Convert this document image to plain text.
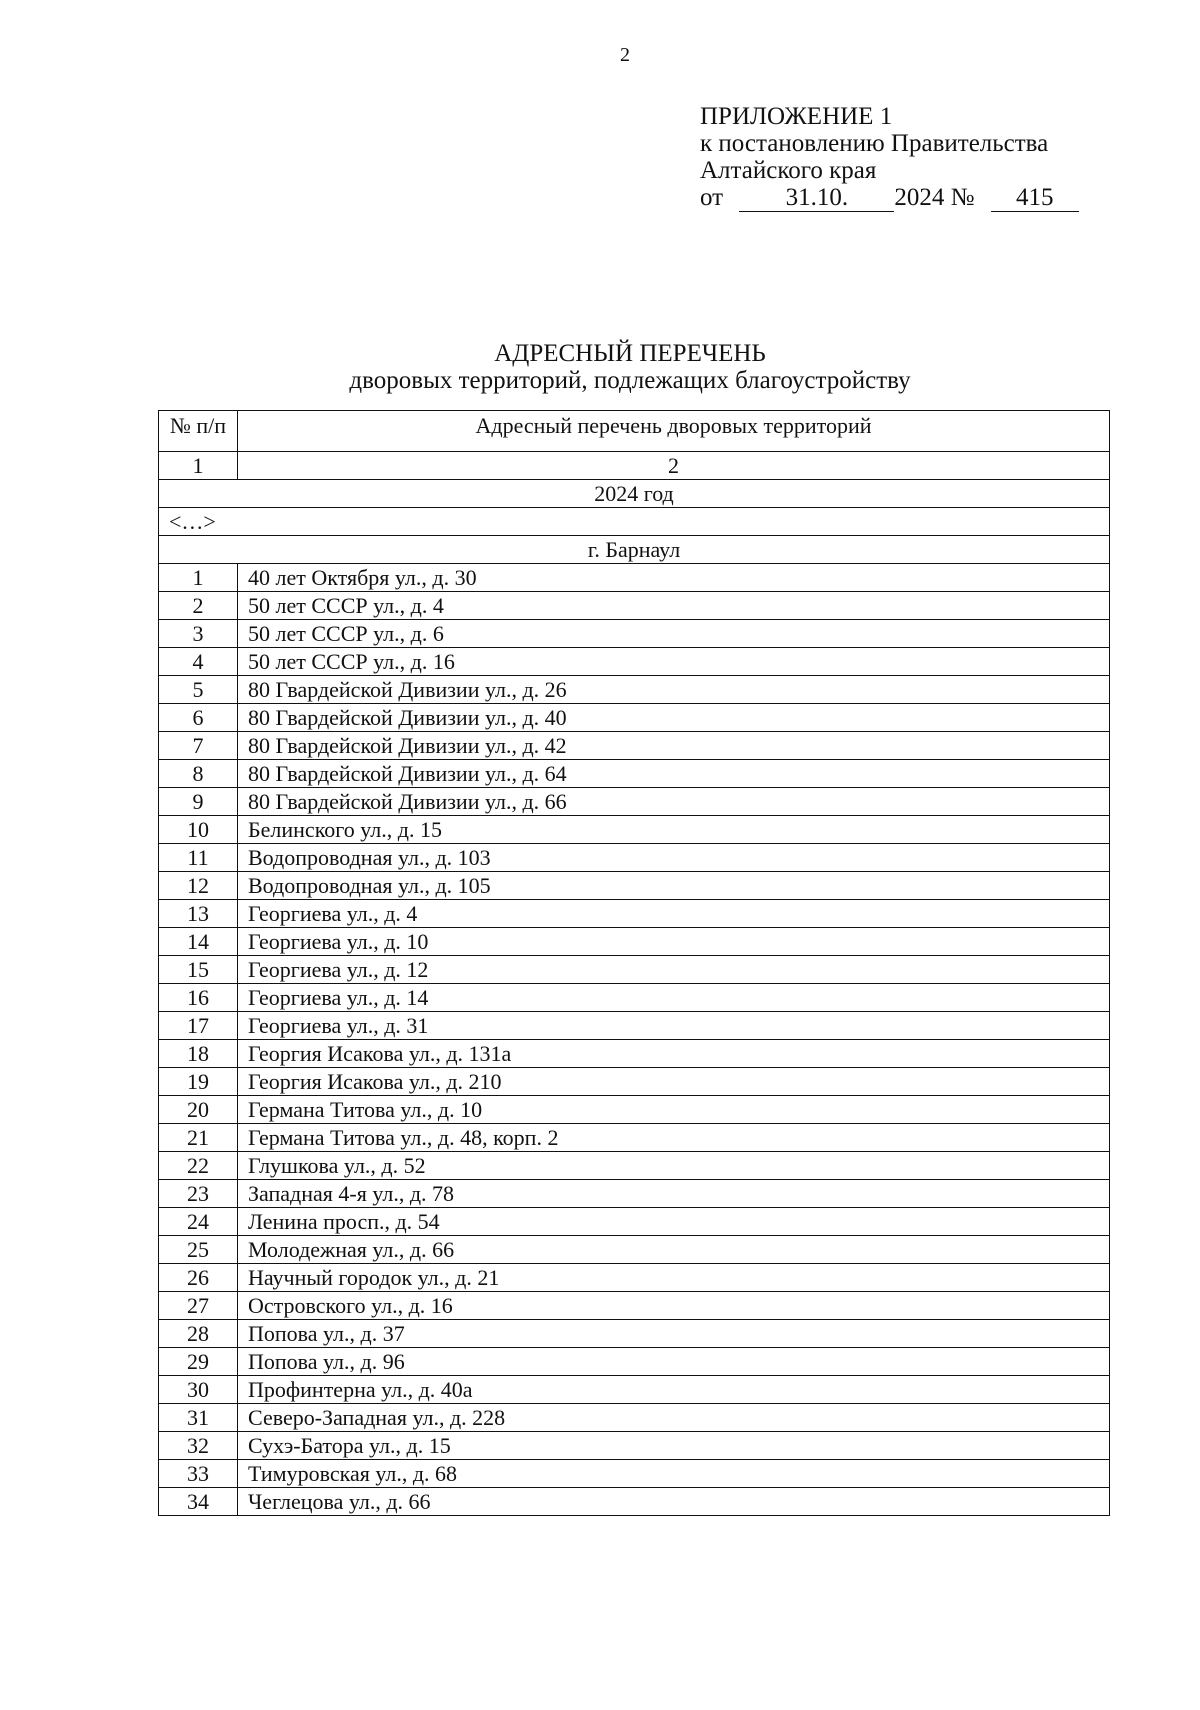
2
ПРИЛОЖЕНИЕ 1
к постановлению Правительства
Алтайского края
от	31.10. 2024 № 415
АДРЕСНЫЙ ПЕРЕЧЕНЬ
дворовых территорий, подлежащих благоустройству
№ п/п	Адресный перечень дворовых территорий
1	2
2024 год	
<…>	
г. Барнаул	
1	40 лет Октября ул., д. 30
2	50 лет СССР ул., д. 4
3	50 лет СССР ул., д. 6
4	50 лет СССР ул., д. 16
5	80 Гвардейской Дивизии ул., д. 26
6	80 Гвардейской Дивизии ул., д. 40
7	80 Гвардейской Дивизии ул., д. 42
8	80 Гвардейской Дивизии ул., д. 64
9	80 Гвардейской Дивизии ул., д. 66
10	Белинского ул., д. 15
11	Водопроводная ул., д. 103
12	Водопроводная ул., д. 105
13	Георгиева ул., д. 4
14	Георгиева ул., д. 10
15	Георгиева ул., д. 12
16	Георгиева ул., д. 14
17	Георгиева ул., д. 31
18	Георгия Исакова ул., д. 131а
19	Георгия Исакова ул., д. 210
20	Германа Титова ул., д. 10
21	Германа Титова ул., д. 48, корп. 2
22	Глушкова ул., д. 52
23	Западная 4-я ул., д. 78
24	Ленина просп., д. 54
25	Молодежная ул., д. 66
26	Научный городок ул., д. 21
27	Островского ул., д. 16
28	Попова ул., д. 37
29	Попова ул., д. 96
30	Профинтерна ул., д. 40а
31	Северо-Западная ул., д. 228
32	Сухэ-Батора ул., д. 15
33	Тимуровская ул., д. 68
34	Чеглецова ул., д. 66
